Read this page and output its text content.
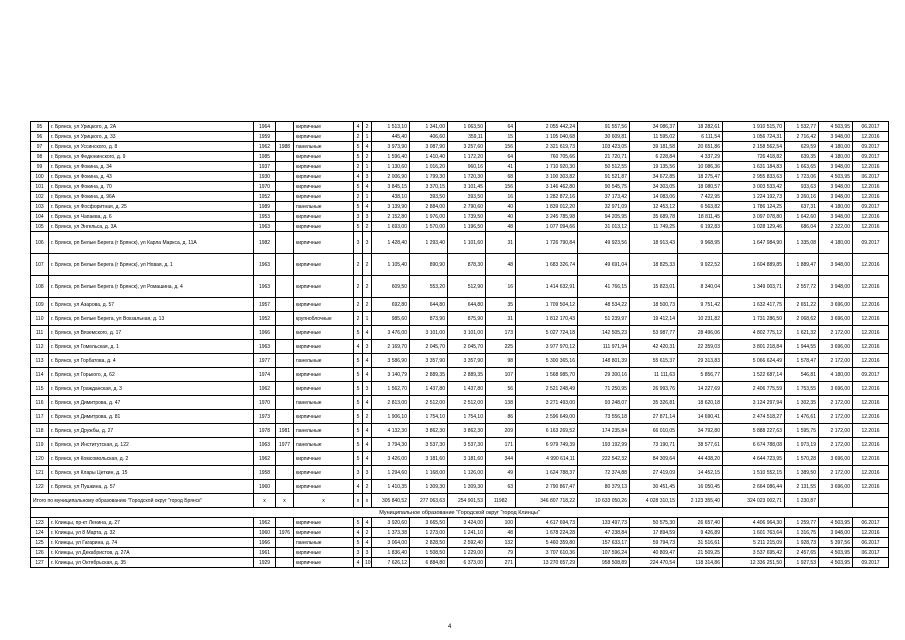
95	г. Брянск, ул Урицкого, д. 2А	1964		кирпичные	4	2	1 513,10	1 341,00	1 063,50	64	2 055 442,24	91 557,56	34 086,37	18 282,61	1 910 515,70	1 532,77	4 503,95	06.2017
96	г. Брянск, ул Урицкого, д. 33	1959		кирпичные	2	1	445,40	406,60	359,11	15	1 105 040,68	30 609,81	11 595,02	6 111,54	1 056 724,31	2 716,42	3 948,00	12.2016
97	г. Брянск, ул Уссинского, д. 8	1962	1988	панельные	5	4	3 973,90	3 087,90	3 257,60	156	2 321 619,73	103 423,05	39 181,58	20 651,86	2 158 562,54	629,59	4 180,00	09.2017
98	г. Брянск, ул Федюнинского, д. 9	1985		кирпичные	5	2	1 596,40	1 410,40	1 172,20	64	760 705,66	21 720,71	6 228,84	4 337,29	726 418,82	639,35	4 180,00	09.2017
99	г. Брянск, ул Фокина, д. 34	1937		кирпичные	2	1	1 130,60	1 016,20	960,16	41	1 710 920,30	50 512,55	19 135,56	10 086,36	1 631 184,83	1 663,65	3 948,00	12.2016
100	г. Брянск, ул Фокина, д. 43	1930		кирпичные	4	3	2 006,90	1 799,30	1 720,30	68	3 100 303,82	91 521,87	34 672,85	18 275,47	2 955 833,63	1 723,06	4 503,95	06.2017
101	г. Брянск, ул Фокина, д. 70	1970		кирпичные	5	4	3 845,15	3 370,15	3 101,45	156	3 146 462,80	90 545,75	34 303,05	18 080,57	3 003 533,42	933,63	3 948,00	12.2016
102	г. Брянск, ул Фокина, д. 96А	1952		кирпичные	2	1	438,10	393,50	393,50	16	1 282 872,16	37 173,42	14 083,06	7 422,95	1 224 192,73	3 260,16	3 948,00	12.2016
103	г. Брянск, ул Фосфоритная, д. 25	1989		панельные	5	4	3 139,90	2 884,00	2 790,60	40	1 839 012,20	32 971,09	12 453,12	6 563,82	1 786 124,25	637,31	4 180,00	09.2017
104	г. Брянск, ул Чапаева, д. 6	1953		кирпичные	3	3	2 152,80	1 976,00	1 739,50	40	3 245 785,98	94 205,95	35 689,78	18 811,45	3 097 078,80	1 642,60	3 948,00	12.2016
105	г. Брянск, ул Энгельса, д. 3А	1963		кирпичные	5	2	1 693,00	1 570,00	1 196,50	48	1 077 094,66	31 013,12	11 749,25	6 192,83	1 028 129,46	686,04	2 322,00	12.2016
106	г. Брянск, рп Белые Берега (г Брянск), ул Карла Маркса, д. 11А	1982		кирпичные	3	3	1 428,40	1 293,40	1 101,60	31	1 726 790,84	49 923,56	18 913,43	9 968,95	1 647 984,90	1 335,08	4 180,00	09.2017
107	г. Брянск, рп Белые Берега (г Брянск), ул Новая, д. 1	1963		кирпичные	2	2	1 105,40	890,90	878,30	48	1 683 326,74	49 691,04	18 825,33	9 922,52	1 604 889,85	1 889,47	3 948,00	12.2016
108	г. Брянск, рп Белые Берега (г Брянск), ул Ромашина, д. 4	1963		кирпичные	2	2	609,50	553,20	512,90	16	1 414 632,91	41 766,15	15 823,01	8 340,04	1 349 003,71	2 557,72	3 948,00	12.2016
109	г. Брянск, ул Азарова, д. 57	1957		кирпичные	2	2	692,80	644,80	644,80	35	1 709 504,12	48 534,22	18 500,73	9 751,42	1 632 417,75	2 651,22	3 696,00	12.2016
110	г. Брянск, рп Белые Берега, ул Вокзальная, д. 13	1952		крупноблочные	2	1	985,60	873,90	875,90	31	1 812 170,43	51 239,97	19 412,14	10 231,82	1 731 286,50	2 068,62	3 696,00	12.2016
111	г. Брянск, ул Вяземского, д. 17	1966		кирпичные	5	4	3 476,00	3 101,00	3 101,00	173	5 027 724,18	142 505,23	53 987,77	28 496,06	4 802 775,12	1 621,32	2 172,00	12.2016
112	г. Брянск, ул Гомельская, д. 1	1963		кирпичные	4	3	2 169,70	2 045,70	2 045,70	225	3 977 970,12	111 971,94	42 420,31	22 359,03	3 801 218,84	1 944,55	3 696,00	12.2016
113	г. Брянск, ул Горбатова, д. 4	1977		панельные	5	4	3 586,90	3 357,90	3 357,90	98	5 300 365,16	148 801,39	55 615,37	29 313,83	5 066 624,49	1 578,47	2 172,00	12.2016
114	г. Брянск, ул Горького, д. 62	1974		кирпичные	5	4	3 140,79	2 889,35	2 889,35	107	1 568 985,70	29 300,16	11 111,63	5 856,77	1 522 687,14	546,81	4 180,00	09.2017
115	г. Брянск, ул Гражданская, д. 3	1962		кирпичные	5	3	1 562,70	1 437,80	1 437,80	56	2 521 248,49	71 250,95	26 993,76	14 227,69	2 406 775,59	1 753,55	3 696,00	12.2016
116	г. Брянск, ул Димитрова, д. 47	1970		панельные	5	4	2 813,00	2 512,00	2 512,00	138	3 271 493,00	93 248,07	35 326,81	18 620,18	3 124 297,94	1 302,35	2 172,00	12.2016
117	г. Брянск, ул Димитрова, д. 81	1973		кирпичные	5	2	1 906,10	1 754,10	1 754,10	86	2 596 649,00	73 556,18	27 871,14	14 690,41	2 474 518,27	1 476,61	2 172,00	12.2016
118	г. Брянск, ул Дружбы, д. 27	1978	1981	панельные	5	4	4 132,30	3 862,30	3 862,30	209	6 163 269,52	174 235,84	66 010,05	34 792,80	5 888 227,63	1 595,75	2 172,00	12.2016
119	г. Брянск, ул Институтская, д. 122	1963	1977	панельные	5	4	3 794,30	3 537,30	3 537,30	171	6 979 749,39	193 192,99	73 190,71	38 577,61	6 674 788,08	1 973,19	2 172,00	12.2016
120	г. Брянск, ул Комсомольская, д. 2	1962		кирпичные	5	4	3 426,00	3 181,60	3 181,60	344	4 990 614,11	222 542,32	84 309,64	44 438,20	4 644 723,95	1 570,28	3 696,00	12.2016
121	г. Брянск, ул Клары Цеткин, д. 15	1958		кирпичные	3	3	1 294,60	1 168,00	1 126,00	49	1 624 788,37	72 374,88	27 419,09	14 452,15	1 510 552,15	1 389,50	2 172,00	12.2016
122	г. Брянск, ул Пушкина, д. 57	1960		кирпичные	4	2	1 410,35	1 309,30	1 309,30	63	2 790 867,47	80 379,13	30 451,45	16 050,45	2 664 086,44	2 131,55	3 696,00	12.2016
Итого по муниципальному образованию "Городской округ "город Брянск"		x	x	x	x	x	305 840,52	277 063,63	254 901,53	11982	346 807 718,22	10 633 050,26	4 028 310,15	2 123 355,40	324 023 002,71	1 230,87		
Муниципальное образование "Городской округ "город Клинцы"																		
123	г. Клинцы, пр-кт Ленина, д. 27	1962		кирпичные	5	4	3 920,60	3 665,50	3 424,00	100	4 617 694,73	133 497,73	50 575,30	26 657,40	4 406 964,30	1 259,77	4 503,95	06.2017
124	г. Клинцы, ул 8 Марта, д. 32	1960	1976	кирпичные	4	2	1 373,38	1 273,00	1 241,10	48	1 678 224,28	47 238,84	17 894,59	9 426,89	1 601 763,64	1 316,75	3 948,00	12.2016
125	г. Клинцы, ул Гагарина, д. 74	1966		панельные	5	4	3 064,00	2 828,50	2 592,40	132	5 460 359,80	157 633,17	59 794,73	31 516,61	5 211 215,09	1 928,73	5 397,56	06.2017
126	г. Клинцы, ул Декабристов, д. 27А	1961		кирпичные	3	3	1 836,40	1 508,50	1 229,00	79	3 707 610,36	107 596,24	40 809,47	21 509,25	3 537 695,42	2 457,65	4 503,95	06.2017
127	г. Клинцы, ул Октябрьская, д. 35	1929		кирпичные	4	10	7 626,12	6 884,80	6 373,00	271	13 270 657,29	958 508,89	224 470,54	118 314,86	12 336 251,50	1 927,53	4 503,95	09.2017
4
